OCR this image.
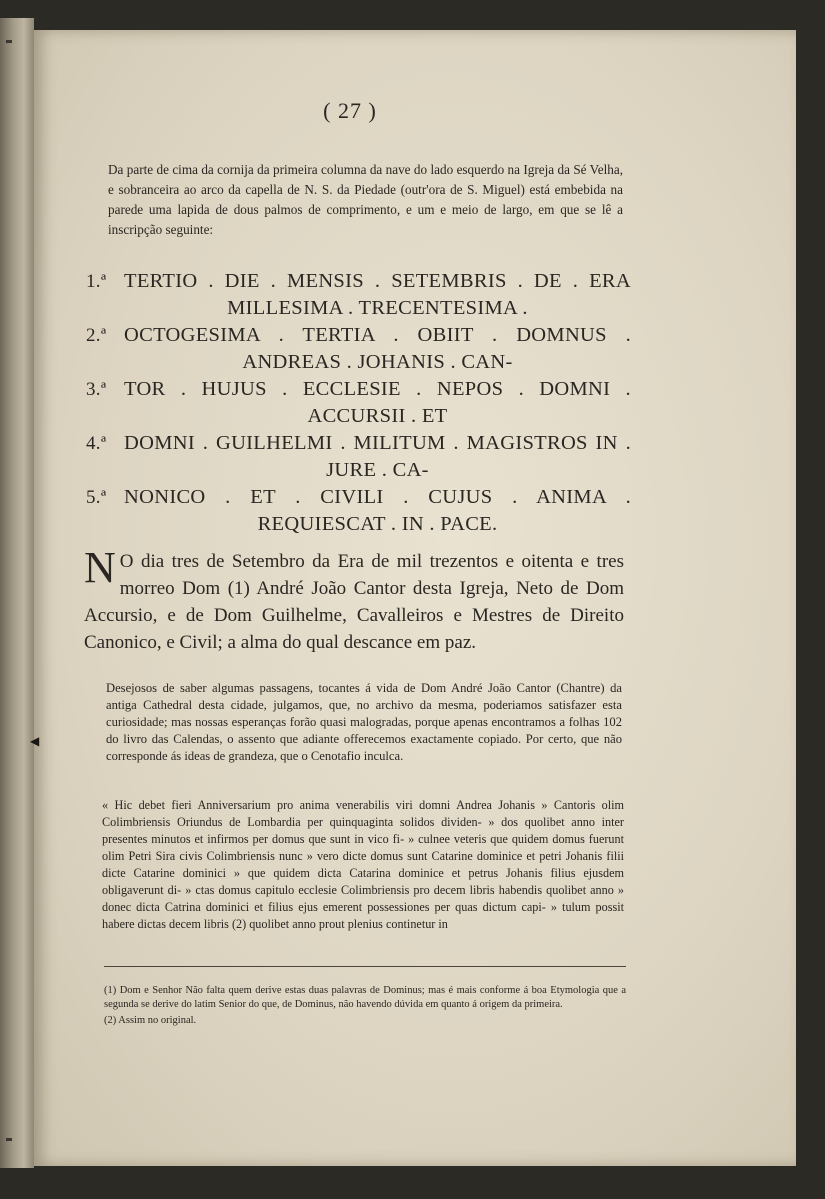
( 27 )
Da parte de cima da cornija da primeira columna da nave do lado esquerdo na Igreja da Sé Velha, e sobranceira ao arco da capella de N. S. da Piedade (outr'ora de S. Miguel) está embebida na parede uma lapida de dous palmos de comprimento, e um e meio de largo, em que se lê a inscripção seguinte:
1.ª TERTIO . DIE . MENSIS . SETEMBRIS . DE . ERA MILLESIMA . TRECENTESIMA .
2.ª OCTOGESIMA . TERTIA . OBIIT . DOMNUS . ANDREAS . JOHANIS . CAN-
3.ª TOR . HUJUS . ECCLESIE . NEPOS . DOMNI . ACCURSII . ET
4.ª DOMNI . GUILHELMI . MILITUM . MAGISTROS IN . JURE . CA-
5.ª NONICO . ET . CIVILI . CUJUS . ANIMA . REQUIESCAT . IN . PACE.
N O dia tres de Setembro da Era de mil trezentos e oitenta e tres morreo Dom (1) André João Cantor desta Igreja, Neto de Dom Accursio, e de Dom Guilhelme, Cavalleiros e Mestres de Direito Canonico, e Civil; a alma do qual descance em paz.
Desejosos de saber algumas passagens, tocantes á vida de Dom André João Cantor (Chantre) da antiga Cathedral desta cidade, julgamos, que, no archivo da mesma, poderiamos satisfazer esta curiosidade; mas nossas esperanças forão quasi malogradas, porque apenas encontramos a folhas 102 do livro das Calendas, o assento que adiante offerecemos exactamente copiado. Por certo, que não corresponde ás ideas de grandeza, que o Cenotafio inculca.
◀
« Hic debet fieri Anniversarium pro anima venerabilis viri domni Andrea Johanis » Cantoris olim Colimbriensis Oriundus de Lombardia per quinquaginta solidos dividen- » dos quolibet anno inter presentes minutos et infirmos per domus que sunt in vico fi- » culnee veteris que quidem domus fuerunt olim Petri Sira civis Colimbriensis nunc » vero dicte domus sunt Catarine dominice et petri Johanis filii dicte Catarine dominici » que quidem dicta Catarina dominice et petrus Johanis filius ejusdem obligaverunt di- » ctas domus capitulo ecclesie Colimbriensis pro decem libris habendis quolibet anno » donec dicta Catrina dominici et filius ejus emerent possessiones per quas dictum capi- » tulum possit habere dictas decem libris (2) quolibet anno prout plenius continetur in

(1) Dom e Senhor Não falta quem derive estas duas palavras de Dominus; mas é mais conforme á boa Etymologia que a segunda se derive do latim Senior do que, de Dominus, não havendo dúvida em quanto á origem da primeira.

(2) Assim no original.
